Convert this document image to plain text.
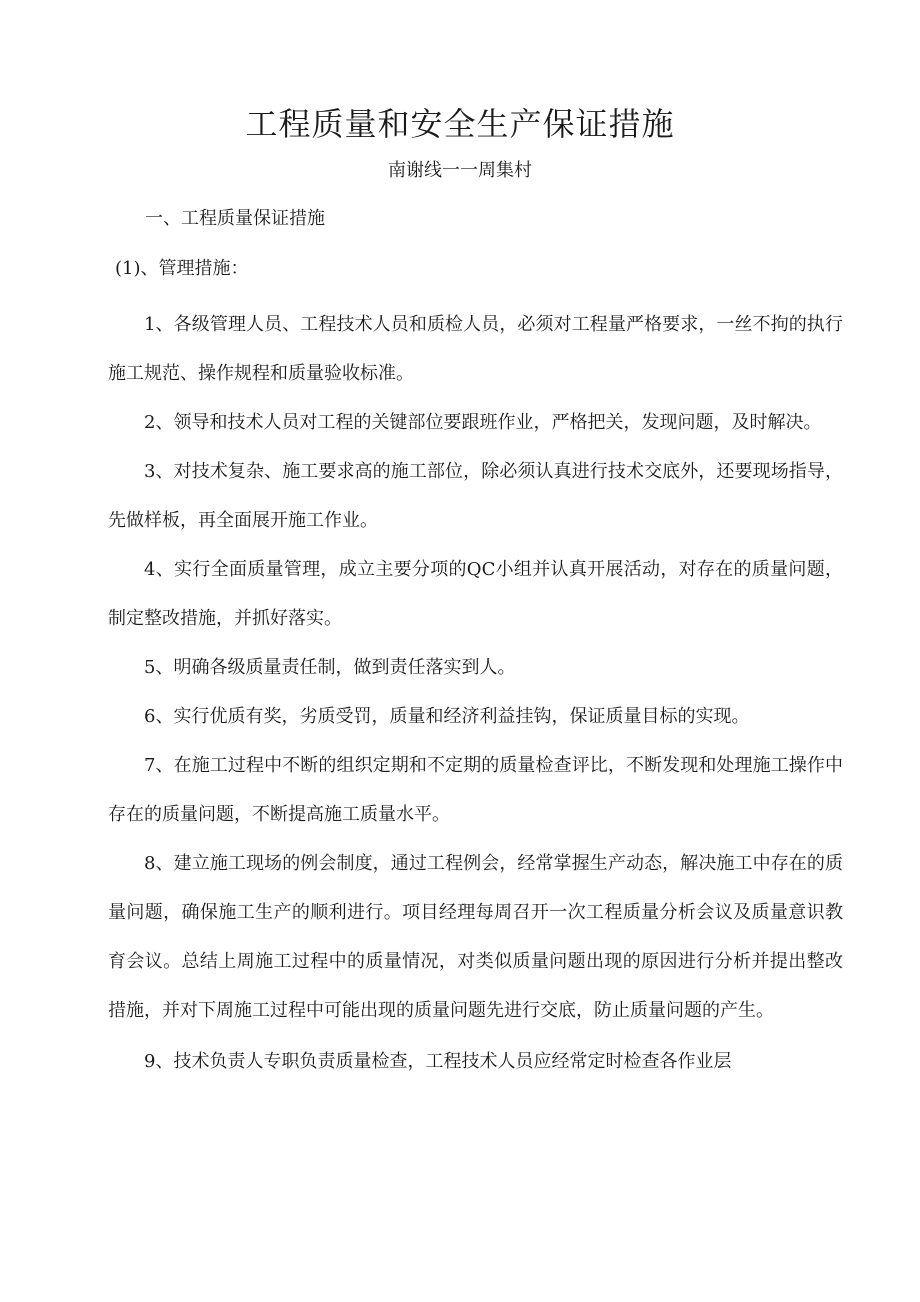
工程质量和安全生产保证措施
南谢线一一周集村
一、工程质量保证措施
(1)、管理措施：

1、各级管理人员、工程技术人员和质检人员，必须对工程量严格要求，一丝不拘的执行施工规范、操作规程和质量验收标准。

2、领导和技术人员对工程的关键部位要跟班作业，严格把关，发现问题，及时解决。

3、对技术复杂、施工要求高的施工部位，除必须认真进行技术交底外，还要现场指导，先做样板，再全面展开施工作业。

4、实行全面质量管理，成立主要分项的QC小组并认真开展活动，对存在的质量问题，制定整改措施，并抓好落实。

5、明确各级质量责任制，做到责任落实到人。

6、实行优质有奖，劣质受罚，质量和经济利益挂钩，保证质量目标的实现。

7、在施工过程中不断的组织定期和不定期的质量检查评比，不断发现和处理施工操作中存在的质量问题，不断提高施工质量水平。

8、建立施工现场的例会制度，通过工程例会，经常掌握生产动态，解决施工中存在的质量问题，确保施工生产的顺利进行。项目经理每周召开一次工程质量分析会议及质量意识教育会议。总结上周施工过程中的质量情况，对类似质量问题出现的原因进行分析并提出整改措施，并对下周施工过程中可能出现的质量问题先进行交底，防止质量问题的产生。

9、技术负责人专职负责质量检查，工程技术人员应经常定时检查各作业层
